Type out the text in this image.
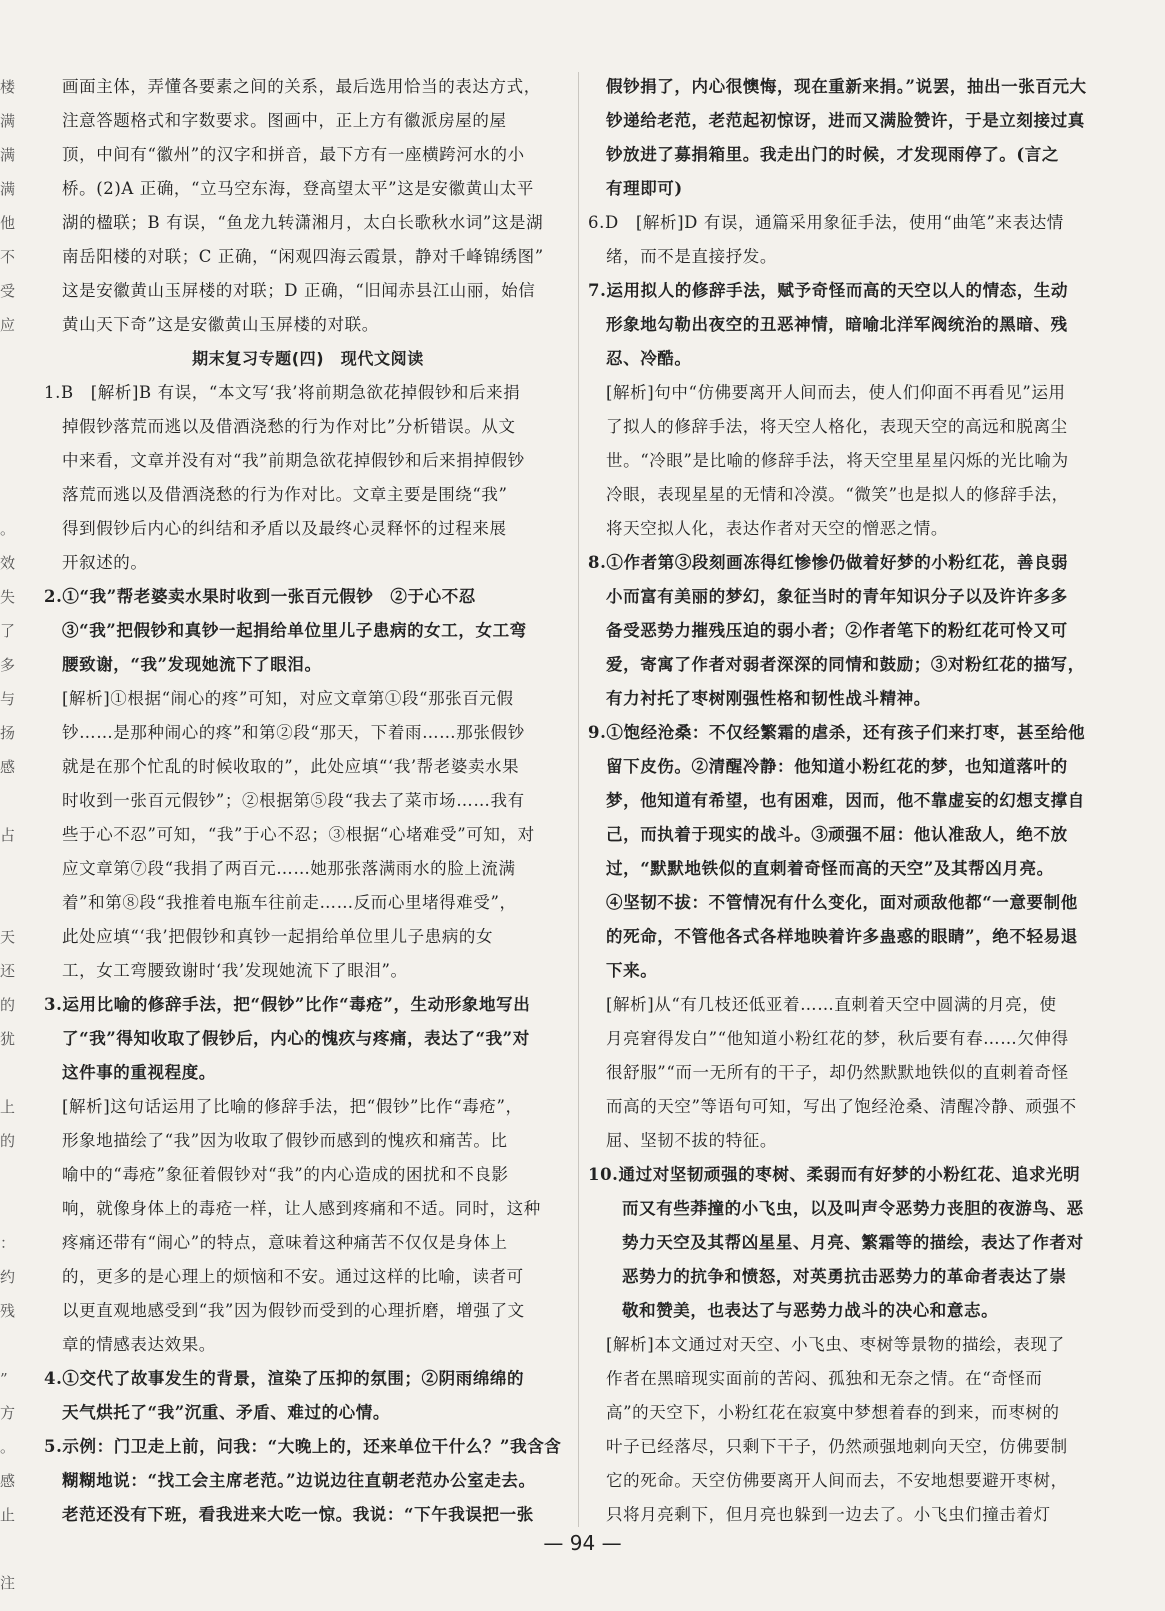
楼
满
满
满
他
不
受
应

。
效
失
了
多
与
扬
感

占

天
还
的
犹

上
的

：
约
残

”
方
。
感
止

注
画面主体，弄懂各要素之间的关系，最后选用恰当的表达方式，
注意答题格式和字数要求。图画中，正上方有徽派房屋的屋
顶，中间有“徽州”的汉字和拼音，最下方有一座横跨河水的小
桥。(2)A 正确，“立马空东海，登高望太平”这是安徽黄山太平
湖的楹联；B 有误，“鱼龙九转潇湘月，太白长歌秋水词”这是湖
南岳阳楼的对联；C 正确，“闲观四海云霞景，静对千峰锦绣图”
这是安徽黄山玉屏楼的对联；D 正确，“旧闻赤县江山丽，始信
黄山天下奇”这是安徽黄山玉屏楼的对联。
期末复习专题(四)　现代文阅读
1.B　[解析]B 有误，“本文写‘我’将前期急欲花掉假钞和后来捐
掉假钞落荒而逃以及借酒浇愁的行为作对比”分析错误。从文
中来看，文章并没有对“我”前期急欲花掉假钞和后来捐掉假钞
落荒而逃以及借酒浇愁的行为作对比。文章主要是围绕“我”
得到假钞后内心的纠结和矛盾以及最终心灵释怀的过程来展
开叙述的。
2.①“我”帮老婆卖水果时收到一张百元假钞　②于心不忍
③“我”把假钞和真钞一起捐给单位里儿子患病的女工，女工弯
腰致谢，“我”发现她流下了眼泪。
[解析]①根据“闹心的疼”可知，对应文章第①段“那张百元假
钞……是那种闹心的疼”和第②段“那天，下着雨……那张假钞
就是在那个忙乱的时候收取的”，此处应填“‘我’帮老婆卖水果
时收到一张百元假钞”；②根据第⑤段“我去了菜市场……我有
些于心不忍”可知，“我”于心不忍；③根据“心堵难受”可知，对
应文章第⑦段“我捐了两百元……她那张落满雨水的脸上流满
着”和第⑧段“我推着电瓶车往前走……反而心里堵得难受”，
此处应填“‘我’把假钞和真钞一起捐给单位里儿子患病的女
工，女工弯腰致谢时‘我’发现她流下了眼泪”。
3.运用比喻的修辞手法，把“假钞”比作“毒疮”，生动形象地写出
了“我”得知收取了假钞后，内心的愧疚与疼痛，表达了“我”对
这件事的重视程度。
[解析]这句话运用了比喻的修辞手法，把“假钞”比作“毒疮”，
形象地描绘了“我”因为收取了假钞而感到的愧疚和痛苦。比
喻中的“毒疮”象征着假钞对“我”的内心造成的困扰和不良影
响，就像身体上的毒疮一样，让人感到疼痛和不适。同时，这种
疼痛还带有“闹心”的特点，意味着这种痛苦不仅仅是身体上
的，更多的是心理上的烦恼和不安。通过这样的比喻，读者可
以更直观地感受到“我”因为假钞而受到的心理折磨，增强了文
章的情感表达效果。
4.①交代了故事发生的背景，渲染了压抑的氛围；②阴雨绵绵的
天气烘托了“我”沉重、矛盾、难过的心情。
5.示例：门卫走上前，问我：“大晚上的，还来单位干什么？”我含含
糊糊地说：“找工会主席老范。”边说边往直朝老范办公室走去。
老范还没有下班，看我进来大吃一惊。我说：“下午我误把一张
假钞捐了，内心很懊悔，现在重新来捐。”说罢，抽出一张百元大
钞递给老范，老范起初惊讶，进而又满脸赞许，于是立刻接过真
钞放进了募捐箱里。我走出门的时候，才发现雨停了。(言之
有理即可)
6.D　[解析]D 有误，通篇采用象征手法，使用“曲笔”来表达情
绪，而不是直接抒发。
7.运用拟人的修辞手法，赋予奇怪而高的天空以人的情态，生动
形象地勾勒出夜空的丑恶神情，暗喻北洋军阀统治的黑暗、残
忍、冷酷。
[解析]句中“仿佛要离开人间而去，使人们仰面不再看见”运用
了拟人的修辞手法，将天空人格化，表现天空的高远和脱离尘
世。“冷眼”是比喻的修辞手法，将天空里星星闪烁的光比喻为
冷眼，表现星星的无情和冷漠。“微笑”也是拟人的修辞手法，
将天空拟人化，表达作者对天空的憎恶之情。
8.①作者第③段刻画冻得红惨惨仍做着好梦的小粉红花，善良弱
小而富有美丽的梦幻，象征当时的青年知识分子以及许许多多
备受恶势力摧残压迫的弱小者；②作者笔下的粉红花可怜又可
爱，寄寓了作者对弱者深深的同情和鼓励；③对粉红花的描写，
有力衬托了枣树刚强性格和韧性战斗精神。
9.①饱经沧桑：不仅经繁霜的虐杀，还有孩子们来打枣，甚至给他
留下皮伤。②清醒冷静：他知道小粉红花的梦，也知道落叶的
梦，他知道有希望，也有困难，因而，他不靠虚妄的幻想支撑自
己，而执着于现实的战斗。③顽强不屈：他认准敌人，绝不放
过，“默默地铁似的直刺着奇怪而高的天空”及其帮凶月亮。
④坚韧不拔：不管情况有什么变化，面对顽敌他都“一意要制他
的死命，不管他各式各样地映着许多蛊惑的眼睛”，绝不轻易退
下来。
[解析]从“有几枝还低亚着……直刺着天空中圆满的月亮，使
月亮窘得发白”“他知道小粉红花的梦，秋后要有春……欠伸得
很舒服”“而一无所有的干子，却仍然默默地铁似的直刺着奇怪
而高的天空”等语句可知，写出了饱经沧桑、清醒冷静、顽强不
屈、坚韧不拔的特征。
10.通过对坚韧顽强的枣树、柔弱而有好梦的小粉红花、追求光明
而又有些莽撞的小飞虫，以及叫声令恶势力丧胆的夜游鸟、恶
势力天空及其帮凶星星、月亮、繁霜等的描绘，表达了作者对
恶势力的抗争和愤怒，对英勇抗击恶势力的革命者表达了崇
敬和赞美，也表达了与恶势力战斗的决心和意志。
[解析]本文通过对天空、小飞虫、枣树等景物的描绘，表现了
作者在黑暗现实面前的苦闷、孤独和无奈之情。在“奇怪而
高”的天空下，小粉红花在寂寞中梦想着春的到来，而枣树的
叶子已经落尽，只剩下干子，仍然顽强地刺向天空，仿佛要制
它的死命。天空仿佛要离开人间而去，不安地想要避开枣树，
只将月亮剩下，但月亮也躲到一边去了。小飞虫们撞击着灯
— 94 —
